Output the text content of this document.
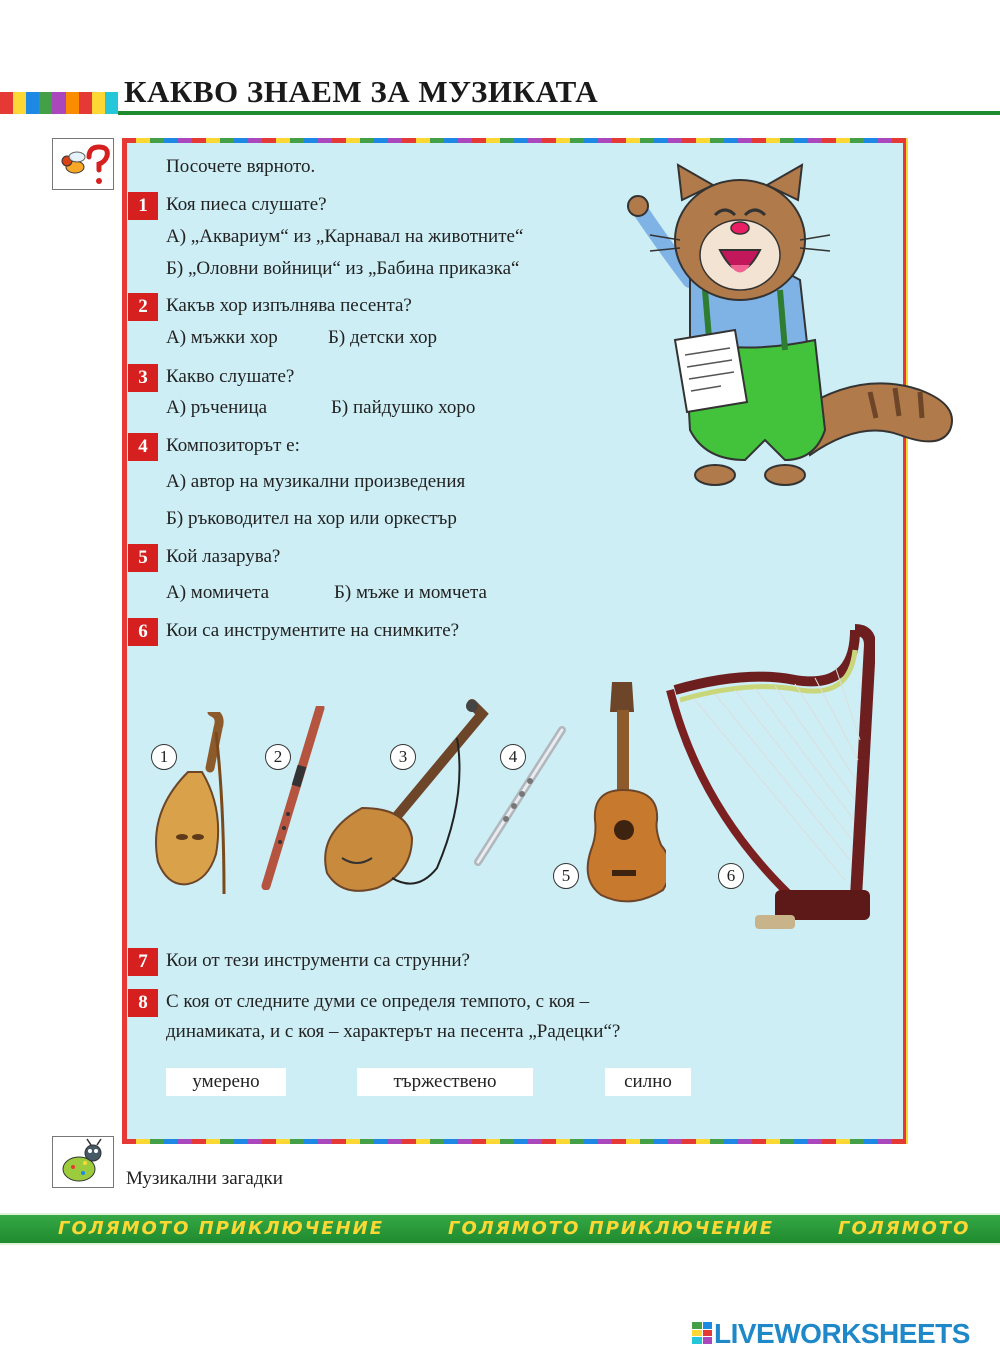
КАКВО ЗНАЕМ ЗА МУЗИКАТА
Посочете вярното.
1 Коя пиеса слушате?
А) „Аквариум“ из „Карнавал на животните“
Б) „Оловни войници“ из „Бабина приказка“
2 Какъв хор изпълнява песента?
А) мъжки хор	Б) детски хор
3 Какво слушате?
А) ръченица	Б) пайдушко хоро
4 Композиторът е:
А) автор на музикални произведения
Б) ръководител на хор или оркестър
5 Кой лазарува?
А) момичета	Б) мъже и момчета
6 Кои са инструментите на снимките?
1	2	3	4
5	6
7 Кои от тези инструменти са струнни?
8 С коя от следните думи се определя темпото, с коя –
динамиката, и с коя – характерът на песента „Радецки“?
умерено	тържествено	силно
Музикални загадки
ГОЛЯМОТО ПРИКЛЮЧЕНИЕ	ГОЛЯМОТО ПРИКЛЮЧЕНИЕ	ГОЛЯМОТО
LIVEWORKSHEETS
